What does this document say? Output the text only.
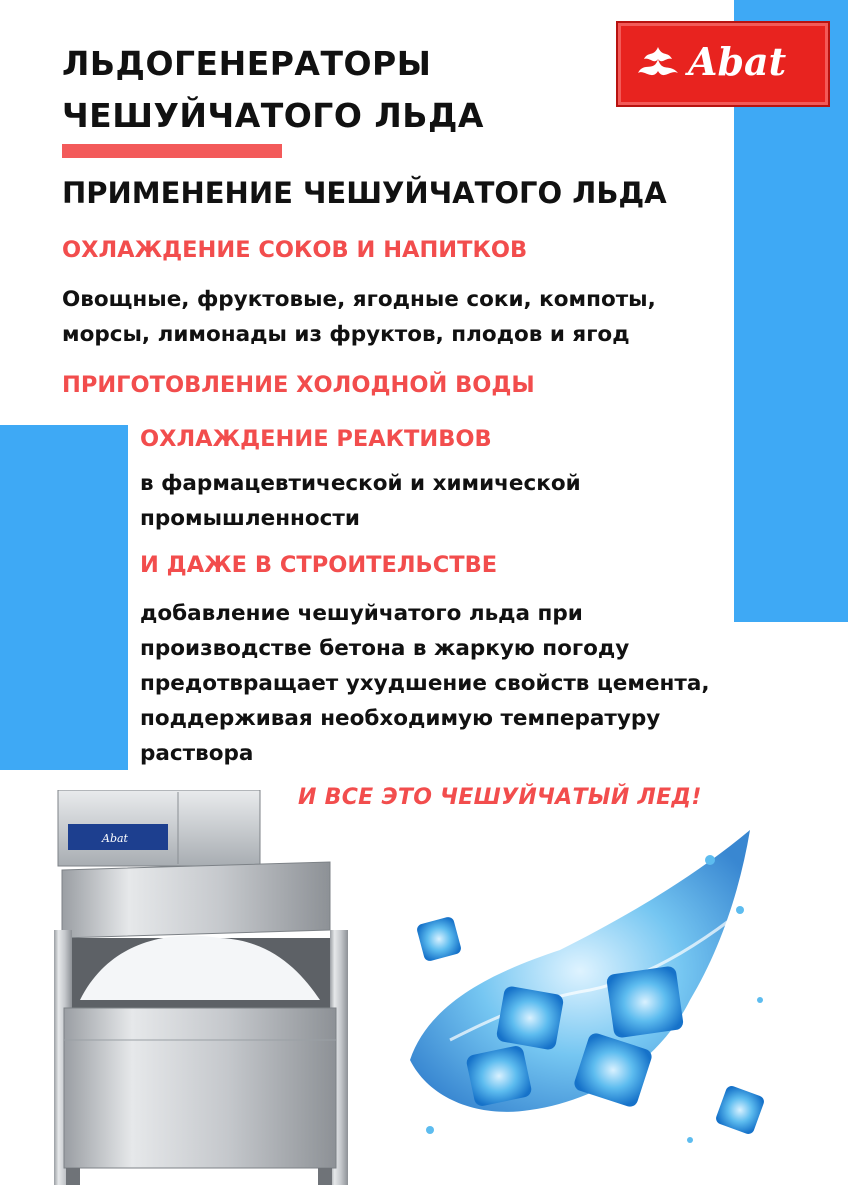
ЛЬДОГЕНЕРАТОРЫ
ЧЕШУЙЧАТОГО ЛЬДА
Abat
ПРИМЕНЕНИЕ ЧЕШУЙЧАТОГО ЛЬДА
ОХЛАЖДЕНИЕ СОКОВ И НАПИТКОВ
Овощные, фруктовые, ягодные соки, компоты,
морсы, лимонады из фруктов, плодов и ягод
ПРИГОТОВЛЕНИЕ ХОЛОДНОЙ ВОДЫ
ОХЛАЖДЕНИЕ РЕАКТИВОВ
в фармацевтической и химической
промышленности
И ДАЖЕ В СТРОИТЕЛЬСТВЕ
добавление чешуйчатого льда при
производстве бетона в жаркую погоду
предотвращает ухудшение свойств цемента,
поддерживая необходимую температуру
раствора
И ВСЕ ЭТО ЧЕШУЙЧАТЫЙ ЛЕД!
Abat
